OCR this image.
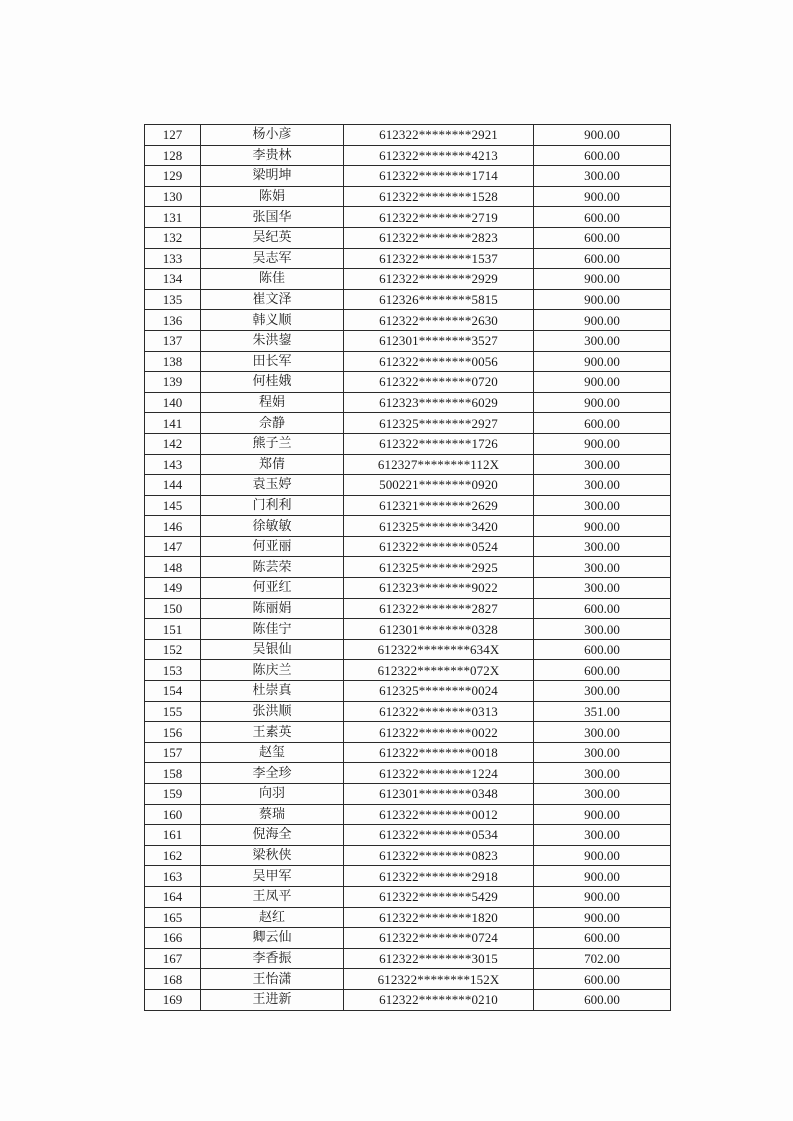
127	杨小彦	612322********2921	900.00
128	李贵林	612322********4213	600.00
129	梁明坤	612322********1714	300.00
130	陈娟	612322********1528	900.00
131	张国华	612322********2719	600.00
132	吴纪英	612322********2823	600.00
133	吴志军	612322********1537	600.00
134	陈佳	612322********2929	900.00
135	崔文泽	612326********5815	900.00
136	韩义顺	612322********2630	900.00
137	朱洪鋆	612301********3527	300.00
138	田长军	612322********0056	900.00
139	何桂娥	612322********0720	900.00
140	程娟	612323********6029	900.00
141	佘静	612325********2927	600.00
142	熊子兰	612322********1726	900.00
143	郑倩	612327********112X	300.00
144	袁玉婷	500221********0920	300.00
145	门利利	612321********2629	300.00
146	徐敏敏	612325********3420	900.00
147	何亚丽	612322********0524	300.00
148	陈芸荣	612325********2925	300.00
149	何亚红	612323********9022	300.00
150	陈丽娟	612322********2827	600.00
151	陈佳宁	612301********0328	300.00
152	吴银仙	612322********634X	600.00
153	陈庆兰	612322********072X	600.00
154	杜崇真	612325********0024	300.00
155	张洪顺	612322********0313	351.00
156	王素英	612322********0022	300.00
157	赵玺	612322********0018	300.00
158	李全珍	612322********1224	300.00
159	向羽	612301********0348	300.00
160	蔡瑞	612322********0012	900.00
161	倪海全	612322********0534	300.00
162	梁秋侠	612322********0823	900.00
163	吴甲军	612322********2918	900.00
164	王凤平	612322********5429	900.00
165	赵红	612322********1820	900.00
166	卿云仙	612322********0724	600.00
167	李香振	612322********3015	702.00
168	王怡潇	612322********152X	600.00
169	王进新	612322********0210	600.00
